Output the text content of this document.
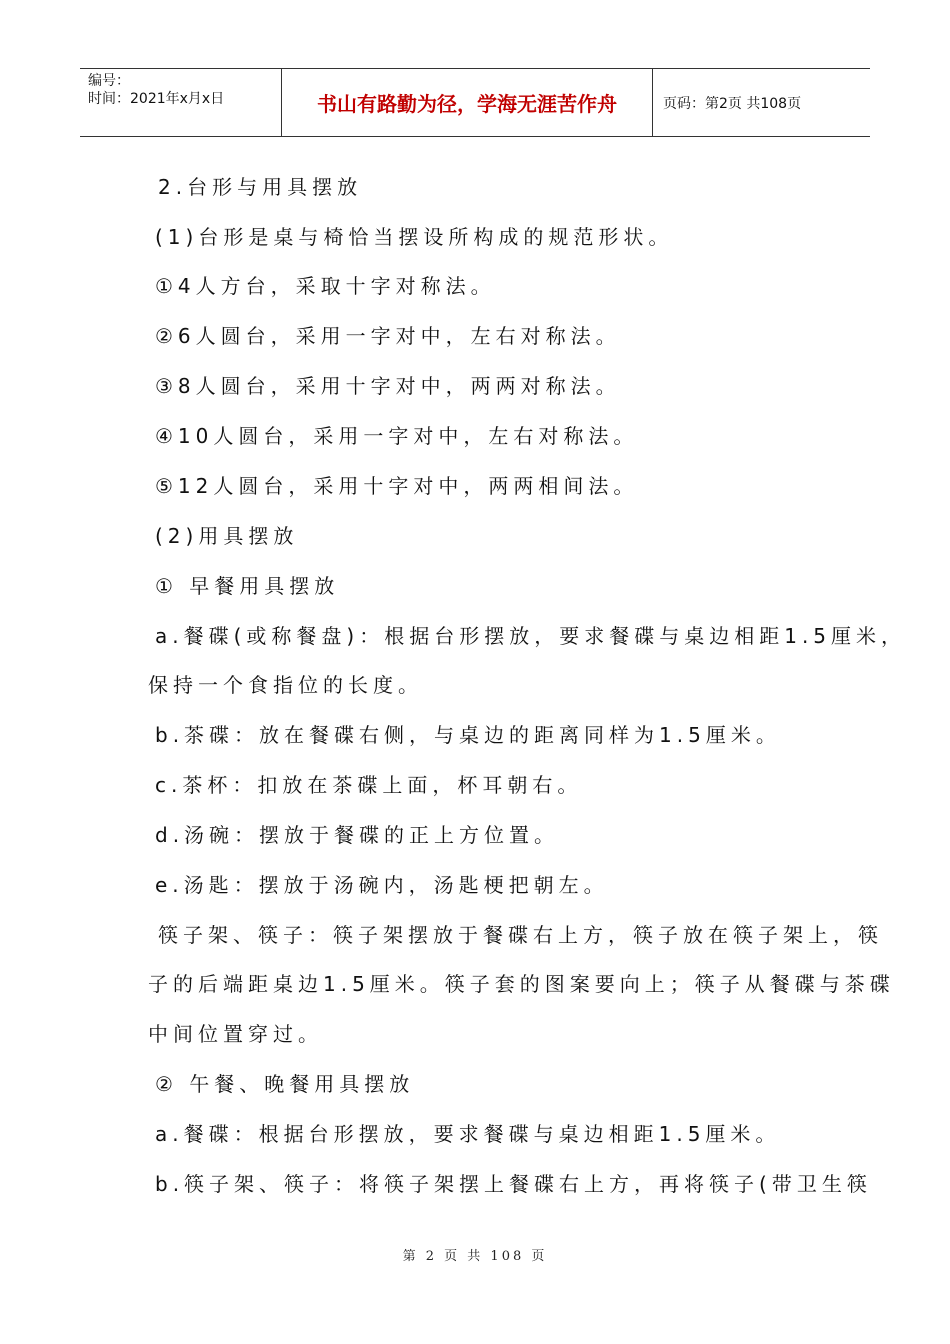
编号：
时间：2021年x月x日	书山有路勤为径，学海无涯苦作舟	页码：第2页 共108页
2.台形与用具摆放
(1)台形是桌与椅恰当摆设所构成的规范形状。
①4人方台，采取十字对称法。
②6人圆台，采用一字对中，左右对称法。
③8人圆台，采用十字对中，两两对称法。
④10人圆台，采用一字对中，左右对称法。
⑤12人圆台，采用十字对中，两两相间法。
(2)用具摆放
① 早餐用具摆放
a.餐碟(或称餐盘)：根据台形摆放，要求餐碟与桌边相距1.5厘米，
保持一个食指位的长度。
b.茶碟：放在餐碟右侧，与桌边的距离同样为1.5厘米。
c.茶杯：扣放在茶碟上面，杯耳朝右。
d.汤碗：摆放于餐碟的正上方位置。
e.汤匙：摆放于汤碗内，汤匙梗把朝左。
筷子架、筷子：筷子架摆放于餐碟右上方，筷子放在筷子架上，筷
子的后端距桌边1.5厘米。筷子套的图案要向上；筷子从餐碟与茶碟
中间位置穿过。
② 午餐、晚餐用具摆放
a.餐碟：根据台形摆放，要求餐碟与桌边相距1.5厘米。
b.筷子架、筷子：将筷子架摆上餐碟右上方，再将筷子(带卫生筷
第 2 页 共 108 页
